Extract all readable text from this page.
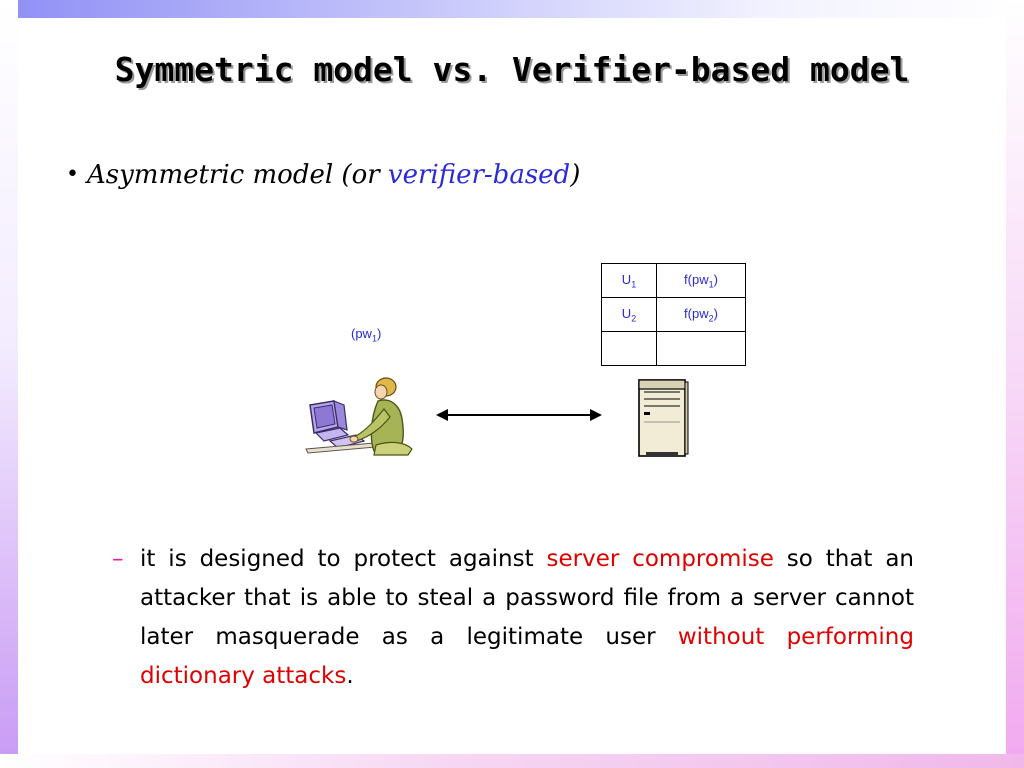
Symmetric model vs. Verifier-based model
• Asymmetric model (or verifier-based)
$U_1$	$f(pw_1)$
$U_2$	$f(pw_2)$

$(pw_1)$
– it is designed to protect against server compromise so that an attacker that is able to steal a password file from a server cannot later masquerade as a legitimate user without performing dictionary attacks.
